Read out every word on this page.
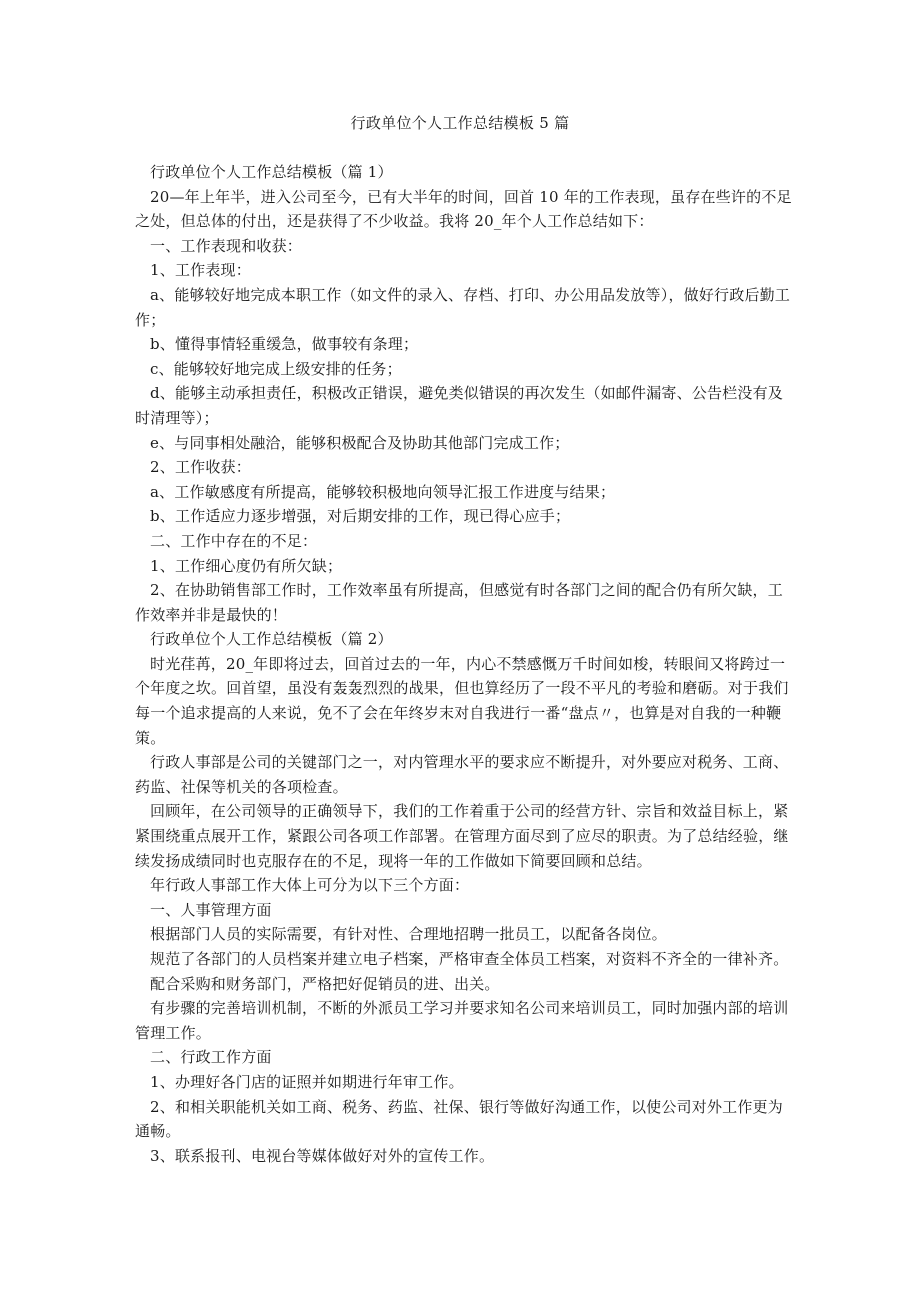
行政单位个人工作总结模板 5 篇

行政单位个人工作总结模板（篇 1）

20—年上年半，进入公司至今，已有大半年的时间，回首 10 年的工作表现，虽存在些许的不足之处，但总体的付出，还是获得了不少收益。我将 20_年个人工作总结如下：

一、工作表现和收获：

1、工作表现：

a、能够较好地完成本职工作（如文件的录入、存档、打印、办公用品发放等），做好行政后勤工作；

b、懂得事情轻重缓急，做事较有条理；

c、能够较好地完成上级安排的任务；

d、能够主动承担责任，积极改正错误，避免类似错误的再次发生（如邮件漏寄、公告栏没有及时清理等）；

e、与同事相处融洽，能够积极配合及协助其他部门完成工作；

2、工作收获：

a、工作敏感度有所提高，能够较积极地向领导汇报工作进度与结果；

b、工作适应力逐步增强，对后期安排的工作，现已得心应手；

二、工作中存在的不足：

1、工作细心度仍有所欠缺；

2、在协助销售部工作时，工作效率虽有所提高，但感觉有时各部门之间的配合仍有所欠缺，工作效率并非是最快的！

行政单位个人工作总结模板（篇 2）

时光荏苒，20_年即将过去，回首过去的一年，内心不禁感慨万千时间如梭，转眼间又将跨过一个年度之坎。回首望，虽没有轰轰烈烈的战果，但也算经历了一段不平凡的考验和磨砺。对于我们每一个追求提高的人来说，免不了会在年终岁末对自我进行一番“盘点〃，也算是对自我的一种鞭策。

行政人事部是公司的关键部门之一，对内管理水平的要求应不断提升，对外要应对税务、工商、药监、社保等机关的各项检查。

回顾年，在公司领导的正确领导下，我们的工作着重于公司的经营方针、宗旨和效益目标上，紧紧围绕重点展开工作，紧跟公司各项工作部署。在管理方面尽到了应尽的职责。为了总结经验，继续发扬成绩同时也克服存在的不足，现将一年的工作做如下简要回顾和总结。

年行政人事部工作大体上可分为以下三个方面：

一、人事管理方面

根据部门人员的实际需要，有针对性、合理地招聘一批员工，以配备各岗位。

规范了各部门的人员档案并建立电子档案，严格审查全体员工档案，对资料不齐全的一律补齐。

配合采购和财务部门，严格把好促销员的进、出关。

有步骤的完善培训机制，不断的外派员工学习并要求知名公司来培训员工，同时加强内部的培训管理工作。

二、行政工作方面

1、办理好各门店的证照并如期进行年审工作。

2、和相关职能机关如工商、税务、药监、社保、银行等做好沟通工作，以使公司对外工作更为通畅。

3、联系报刊、电视台等媒体做好对外的宣传工作。
